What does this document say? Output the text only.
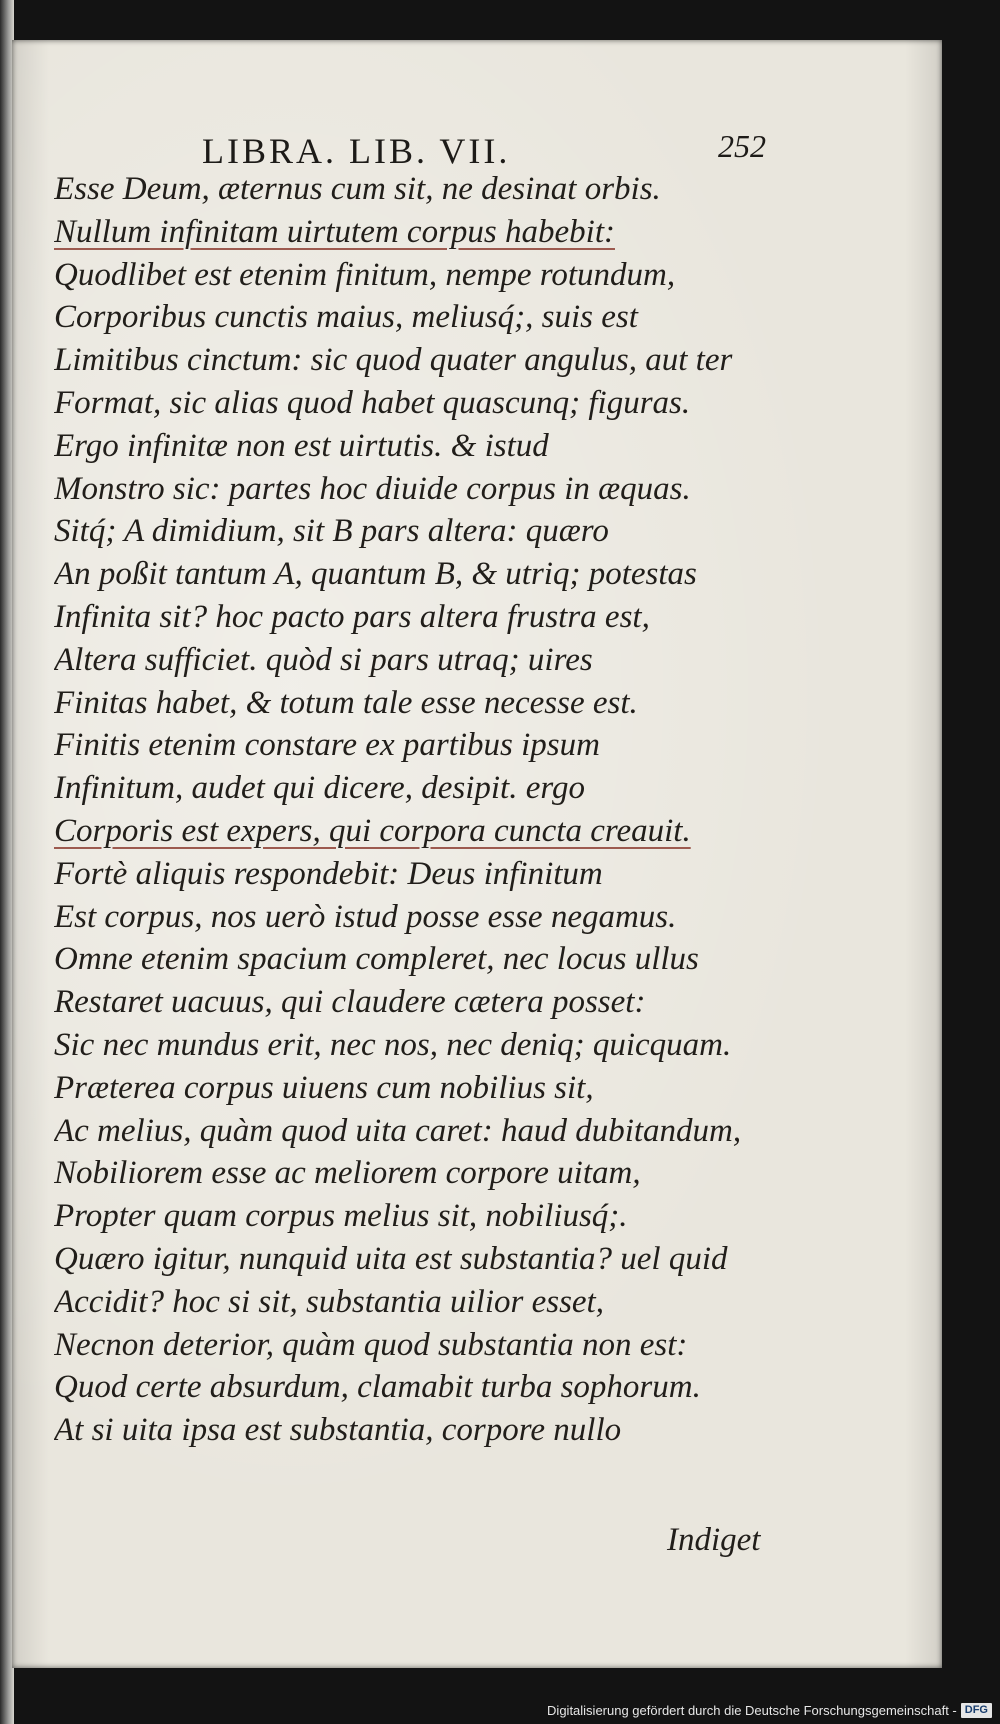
LIBRA. LIB. VII.	252
Esse Deum, æternus cum sit, ne desinat orbis.
Nullum infinitam uirtutem corpus habebit:
Quodlibet est etenim finitum, nempe rotundum,
Corporibus cunctis maius, meliusq́;, suis est
Limitibus cinctum: sic quod quater angulus, aut ter
Format, sic alias quod habet quascunq; figuras.
Ergo infinitæ non est uirtutis. & istud
Monstro sic: partes hoc diuide corpus in æquas.
Sitq́; A dimidium, sit B pars altera: quæro
An poßit tantum A, quantum B, & utriq; potestas
Infinita sit? hoc pacto pars altera frustra est,
Altera sufficiet. quòd si pars utraq; uires
Finitas habet, & totum tale esse necesse est.
Finitis etenim constare ex partibus ipsum
Infinitum, audet qui dicere, desipit. ergo
Corporis est expers, qui corpora cuncta creauit.
Fortè aliquis respondebit: Deus infinitum
Est corpus, nos uerò istud posse esse negamus.
Omne etenim spacium compleret, nec locus ullus
Restaret uacuus, qui claudere cætera posset:
Sic nec mundus erit, nec nos, nec deniq; quicquam.
Præterea corpus uiuens cum nobilius sit,
Ac melius, quàm quod uita caret: haud dubitandum,
Nobiliorem esse ac meliorem corpore uitam,
Propter quam corpus melius sit, nobiliusq́;.
Quæro igitur, nunquid uita est substantia? uel quid
Accidit? hoc si sit, substantia uilior esset,
Necnon deterior, quàm quod substantia non est:
Quod certe absurdum, clamabit turba sophorum.
At si uita ipsa est substantia, corpore nullo
Indiget
Digitalisierung gefördert durch die Deutsche Forschungsgemeinschaft - DFG
